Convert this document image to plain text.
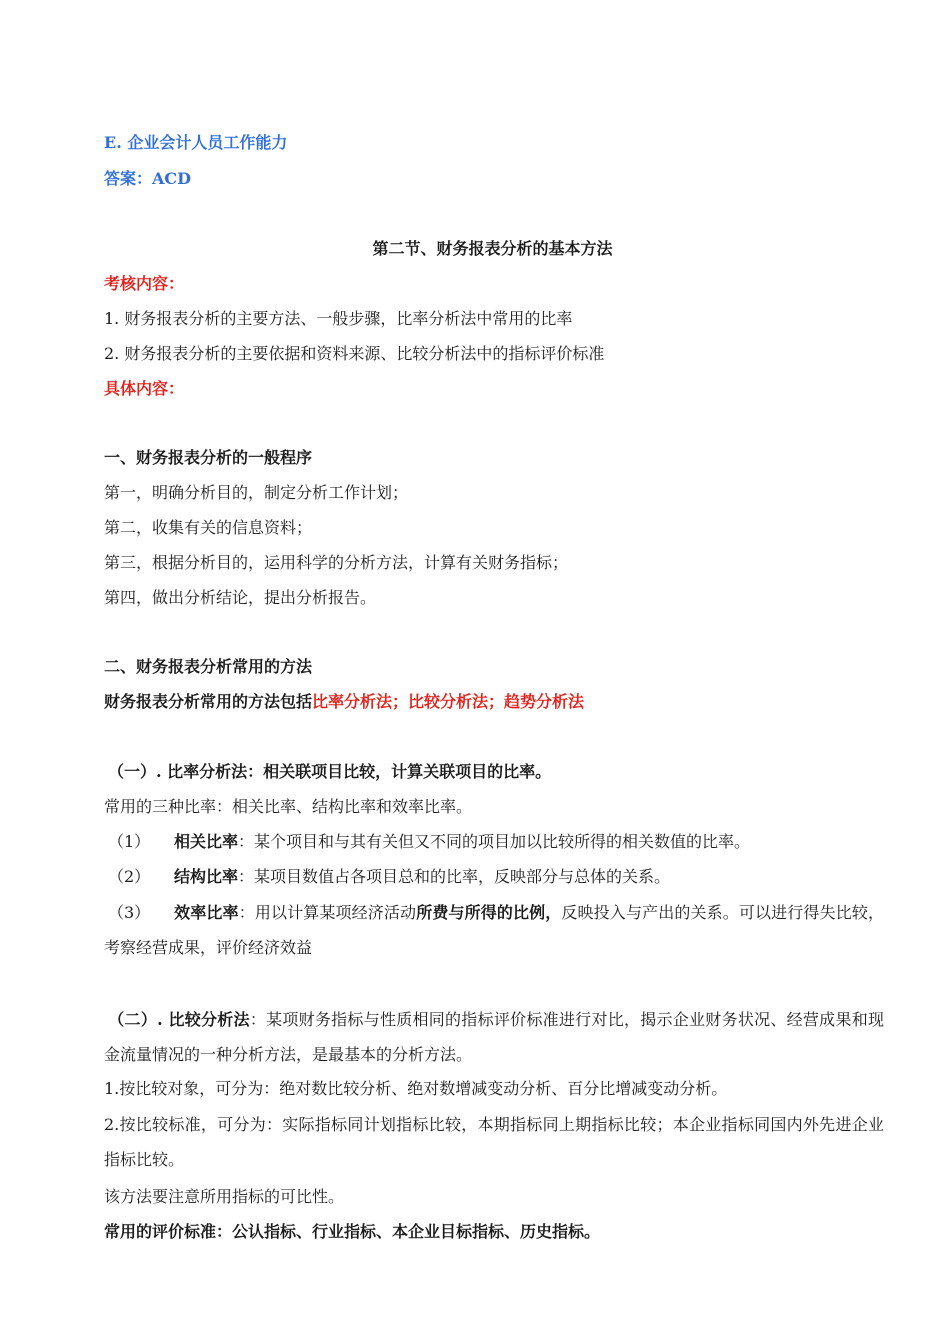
E. 企业会计人员工作能力
答案：ACD
第二节、财务报表分析的基本方法
考核内容：
1. 财务报表分析的主要方法、一般步骤，比率分析法中常用的比率
2. 财务报表分析的主要依据和资料来源、比较分析法中的指标评价标准
具体内容：
一、财务报表分析的一般程序
第一，明确分析目的，制定分析工作计划；
第二，收集有关的信息资料；
第三，根据分析目的，运用科学的分析方法，计算有关财务指标；
第四，做出分析结论，提出分析报告。
二、财务报表分析常用的方法
财务报表分析常用的方法包括比率分析法；比较分析法；趋势分析法
（一）. 比率分析法：相关联项目比较，计算关联项目的比率。
常用的三种比率：相关比率、结构比率和效率比率。
（1） 相关比率：某个项目和与其有关但又不同的项目加以比较所得的相关数值的比率。
（2） 结构比率：某项目数值占各项目总和的比率，反映部分与总体的关系。
（3） 效率比率：用以计算某项经济活动所费与所得的比例，反映投入与产出的关系。可以进行得失比较，考察经营成果，评价经济效益
（二）. 比较分析法：某项财务指标与性质相同的指标评价标准进行对比，揭示企业财务状况、经营成果和现金流量情况的一种分析方法，是最基本的分析方法。
1.按比较对象，可分为：绝对数比较分析、绝对数增减变动分析、百分比增减变动分析。
2.按比较标准，可分为：实际指标同计划指标比较，本期指标同上期指标比较；本企业指标同国内外先进企业指标比较。
该方法要注意所用指标的可比性。
常用的评价标准：公认指标、行业指标、本企业目标指标、历史指标。
